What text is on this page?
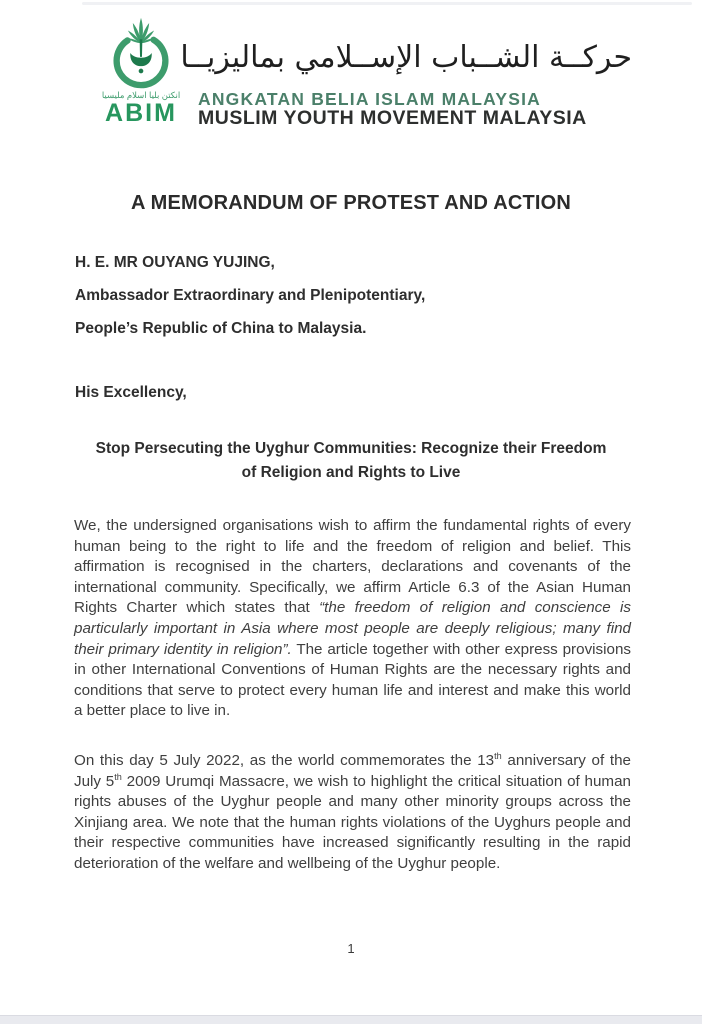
انكتن بليا اسلام مليسيا
ABIM
حركــة الشــباب الإســلامي بماليزيــا
ANGKATAN BELIA ISLAM MALAYSIA
MUSLIM YOUTH MOVEMENT MALAYSIA
A MEMORANDUM OF PROTEST AND ACTION
H. E. MR OUYANG YUJING,
Ambassador Extraordinary and Plenipotentiary,
People’s Republic of China to Malaysia.
His Excellency,
Stop Persecuting the Uyghur Communities: Recognize their Freedom of Religion and Rights to Live
We, the undersigned organisations wish to affirm the fundamental rights of every human being to the right to life and the freedom of religion and belief. This affirmation is recognised in the charters, declarations and covenants of the international community. Specifically, we affirm Article 6.3 of the Asian Human Rights Charter which states that “the freedom of religion and conscience is particularly important in Asia where most people are deeply religious; many find their primary identity in religion”. The article together with other express provisions in other International Conventions of Human Rights are the necessary rights and conditions that serve to protect every human life and interest and make this world a better place to live in.
On this day 5 July 2022, as the world commemorates the 13th anniversary of the July 5th 2009 Urumqi Massacre, we wish to highlight the critical situation of human rights abuses of the Uyghur people and many other minority groups across the Xinjiang area. We note that the human rights violations of the Uyghurs people and their respective communities have increased significantly resulting in the rapid deterioration of the welfare and wellbeing of the Uyghur people.
1
